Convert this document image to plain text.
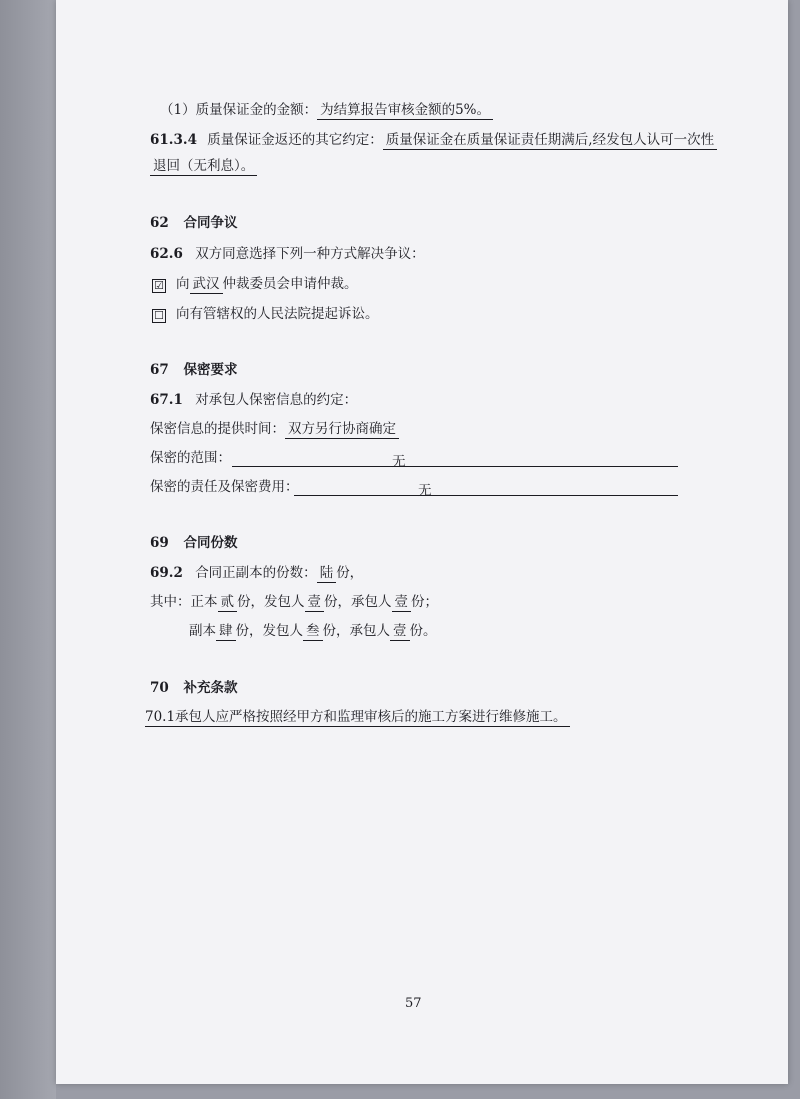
（1）质量保证金的金额： 为结算报告审核金额的5%。
61.3.4 质量保证金返还的其它约定： 质量保证金在质量保证责任期满后,经发包人认可一次性
退回（无利息）。
62 合同争议
62.6 双方同意选择下列一种方式解决争议：
☑ 向 武汉 仲裁委员会申请仲裁。
☐ 向有管辖权的人民法院提起诉讼。
67 保密要求
67.1 对承包人保密信息的约定：
保密信息的提供时间： 双方另行协商确定
保密的范围：	无
保密的责任及保密费用：	无
69 合同份数
69.2 合同正副本的份数： 陆 份，
其中：正本 贰 份，发包人 壹 份，承包人 壹 份；
副本 肆 份，发包人 叁 份，承包人 壹 份。
70 补充条款
70.1承包人应严格按照经甲方和监理审核后的施工方案进行维修施工。
57
